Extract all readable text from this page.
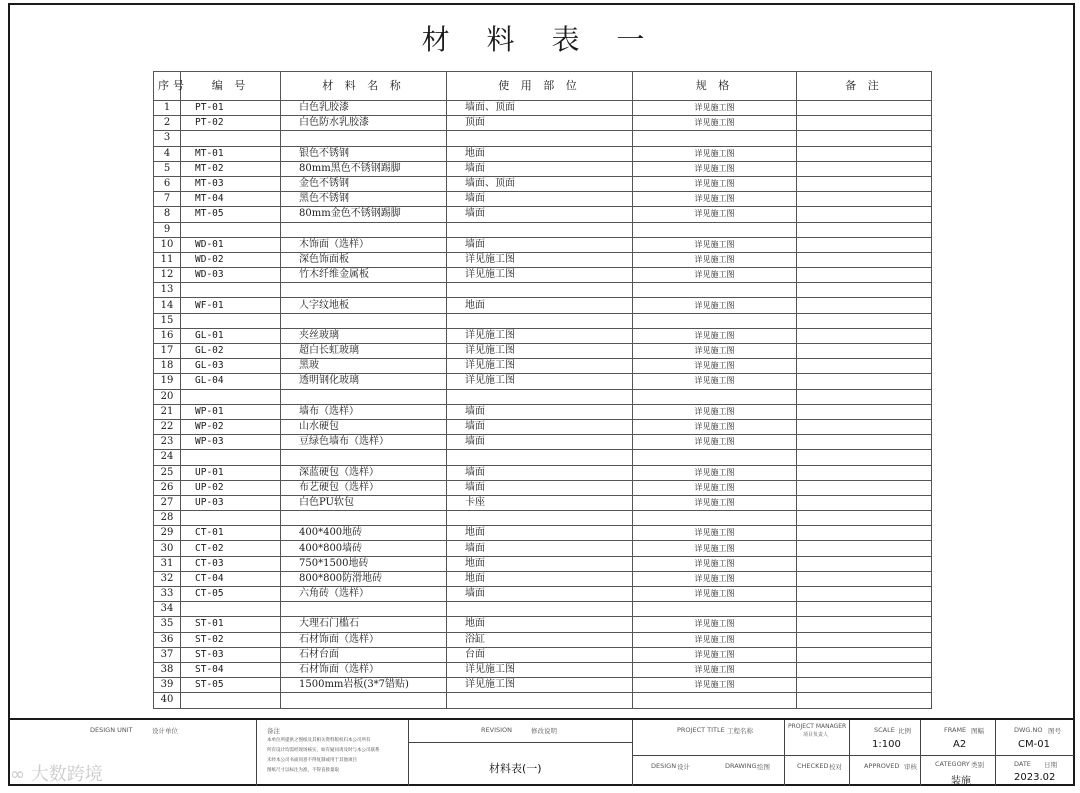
材 料 表 一
序号	编 号	材 料 名 称	使 用 部 位	规 格	备 注
1	PT-01	白色乳胶漆	墙面、顶面	详见施工图	
2	PT-02	白色防水乳胶漆	顶面	详见施工图	
3					
4	MT-01	银色不锈钢	地面	详见施工图	
5	MT-02	80mm黑色不锈钢踢脚	墙面	详见施工图	
6	MT-03	金色不锈钢	墙面、顶面	详见施工图	
7	MT-04	黑色不锈钢	墙面	详见施工图	
8	MT-05	80mm金色不锈钢踢脚	墙面	详见施工图	
9					
10	WD-01	木饰面（选样）	墙面	详见施工图	
11	WD-02	深色饰面板	详见施工图	详见施工图	
12	WD-03	竹木纤维金属板	详见施工图	详见施工图	
13					
14	WF-01	人字纹地板	地面	详见施工图	
15					
16	GL-01	夹丝玻璃	详见施工图	详见施工图	
17	GL-02	超白长虹玻璃	详见施工图	详见施工图	
18	GL-03	黑玻	详见施工图	详见施工图	
19	GL-04	透明钢化玻璃	详见施工图	详见施工图	
20					
21	WP-01	墙布（选样）	墙面	详见施工图	
22	WP-02	山水硬包	墙面	详见施工图	
23	WP-03	豆绿色墙布（选样）	墙面	详见施工图	
24					
25	UP-01	深蓝硬包（选样）	墙面	详见施工图	
26	UP-02	布艺硬包（选样）	墙面	详见施工图	
27	UP-03	白色PU软包	卡座	详见施工图	
28					
29	CT-01	400*400地砖	地面	详见施工图	
30	CT-02	400*800墙砖	墙面	详见施工图	
31	CT-03	750*1500地砖	地面	详见施工图	
32	CT-04	800*800防滑地砖	地面	详见施工图	
33	CT-05	六角砖（选样）	墙面	详见施工图	
34					
35	ST-01	大理石门槛石	地面	详见施工图	
36	ST-02	石材饰面（选样）	浴缸	详见施工图	
37	ST-03	石材台面	台面	详见施工图	
38	ST-04	石材饰面（选样）	详见施工图	详见施工图	
39	ST-05	1500mm岩板(3*7错贴)	详见施工图	详见施工图	
40					
DESIGN UNIT	设计单位	备注
本单位所提供之图纸及其相关资料版权归本公司所有
所有设计均需经现场核实，如有疑问请及时与本公司联系
未经本公司书面同意不得复制或用于其他项目
图纸尺寸以标注为准，不得直接量取
REVISION	修改说明
材料表(一)
PROJECT TITLE 工程名称
DESIGN 设计	DRAWING 绘图
PROJECT MANAGER
项目负责人
CHECKED 校对
SCALE 比例
1:100
APPROVED 审核
FRAME 图幅
A2
CATEGORY 类别
装施
DWG.NO 图号
CM-01
DATE 日期
2023.02
∞ 大数跨境
